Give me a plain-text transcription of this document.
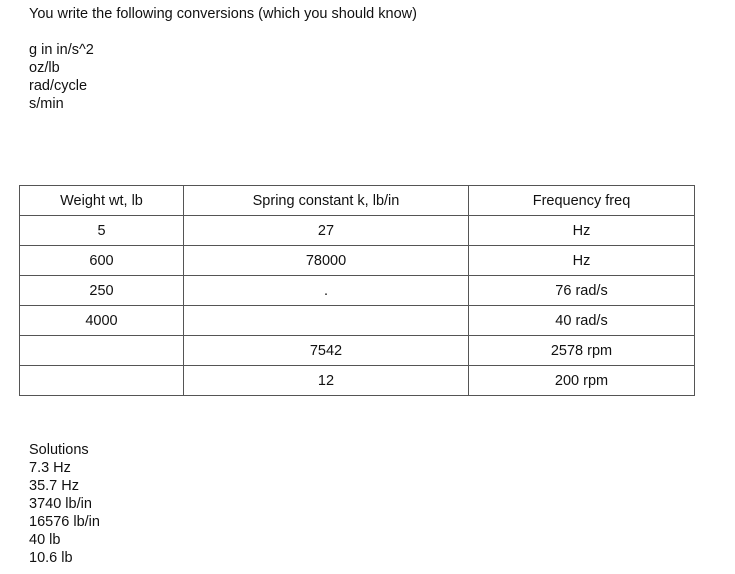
You write the following conversions (which you should know)
g in in/s^2
oz/lb
rad/cycle
s/min
Weight wt, lb	Spring constant k, lb/in	Frequency freq
5	27	Hz
600	78000	Hz
250	.	76 rad/s
4000		40 rad/s
	7542	2578 rpm
	12	200 rpm
Solutions
7.3 Hz
35.7 Hz
3740 lb/in
16576 lb/in
40 lb
10.6 lb
